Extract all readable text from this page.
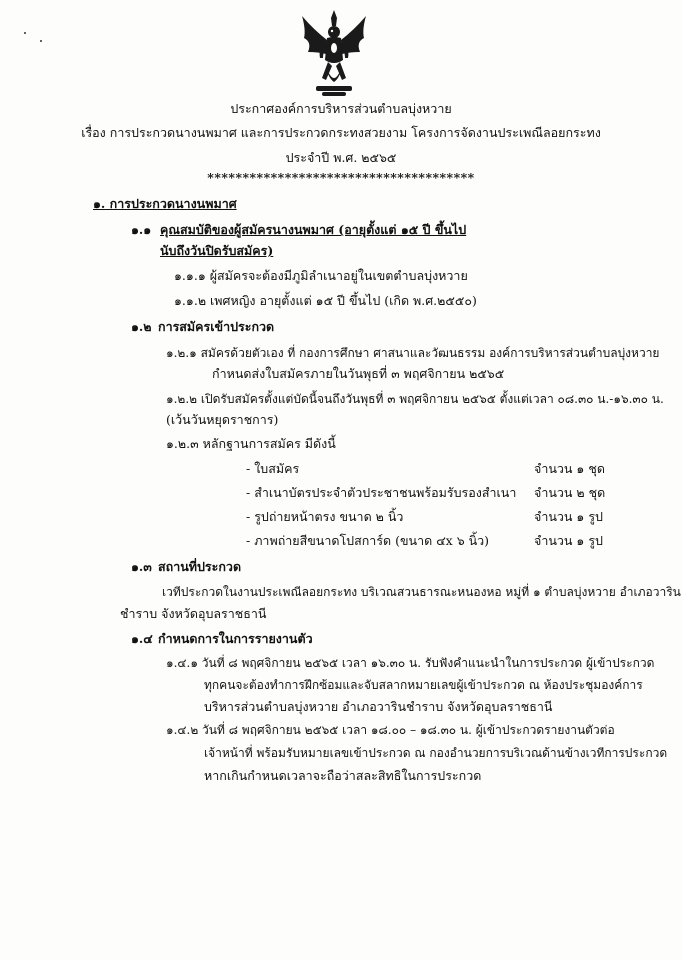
ประกาศองค์การบริหารส่วนตำบลบุ่งหวาย
เรื่อง การประกวดนางนพมาศ และการประกวดกระทงสวยงาม โครงการจัดงานประเพณีลอยกระทง
ประจำปี พ.ศ. ๒๕๖๕
**************************************
๑. การประกวดนางนพมาศ
๑.๑ คุณสมบัติของผู้สมัครนางนพมาศ (อายุตั้งแต่ ๑๕ ปี ขึ้นไป
นับถึงวันปิดรับสมัคร)
๑.๑.๑ ผู้สมัครจะต้องมีภูมิลำเนาอยู่ในเขตตำบลบุ่งหวาย
๑.๑.๒ เพศหญิง อายุตั้งแต่ ๑๕ ปี ขึ้นไป (เกิด พ.ศ.๒๕๕๐)
๑.๒ การสมัครเข้าประกวด
๑.๒.๑ สมัครด้วยตัวเอง ที่ กองการศึกษา ศาสนาและวัฒนธรรม องค์การบริหารส่วนตำบลบุ่งหวาย
กำหนดส่งใบสมัครภายในวันพุธที่ ๓ พฤศจิกายน ๒๕๖๕
๑.๒.๒ เปิดรับสมัครตั้งแต่บัดนี้จนถึงวันพุธที่ ๓ พฤศจิกายน ๒๕๖๕ ตั้งแต่เวลา ๐๘.๓๐ น.-๑๖.๓๐ น.
(เว้นวันหยุดราชการ)
๑.๒.๓ หลักฐานการสมัคร มีดังนี้
- ใบสมัคร	จำนวน ๑ ชุด
- สำเนาบัตรประจำตัวประชาชนพร้อมรับรองสำเนา จำนวน ๒ ชุด
- รูปถ่ายหน้าตรง ขนาด ๒ นิ้ว	จำนวน ๑ รูป
- ภาพถ่ายสีขนาดโปสการ์ด (ขนาด ๔x ๖ นิ้ว)	จำนวน ๑ รูป
๑.๓ สถานที่ประกวด
เวทีประกวดในงานประเพณีลอยกระทง บริเวณสวนธารณะหนองหอ หมู่ที่ ๑ ตำบลบุ่งหวาย อำเภอวาริน
ชำราบ จังหวัดอุบลราชธานี
๑.๔ กำหนดการในการรายงานตัว
๑.๔.๑ วันที่ ๘ พฤศจิกายน ๒๕๖๕ เวลา ๑๖.๓๐ น. รับฟังคำแนะนำในการประกวด ผู้เข้าประกวด
ทุกคนจะต้องทำการฝึกซ้อมและจับสลากหมายเลขผู้เข้าประกวด ณ ห้องประชุมองค์การ
บริหารส่วนตำบลบุ่งหวาย อำเภอวารินชำราบ จังหวัดอุบลราชธานี
๑.๔.๒ วันที่ ๘ พฤศจิกายน ๒๕๖๕ เวลา ๑๘.๐๐ – ๑๘.๓๐ น. ผู้เข้าประกวดรายงานตัวต่อ
เจ้าหน้าที่ พร้อมรับหมายเลขเข้าประกวด ณ กองอำนวยการบริเวณด้านข้างเวทีการประกวด
หากเกินกำหนดเวลาจะถือว่าสละสิทธิในการประกวด
